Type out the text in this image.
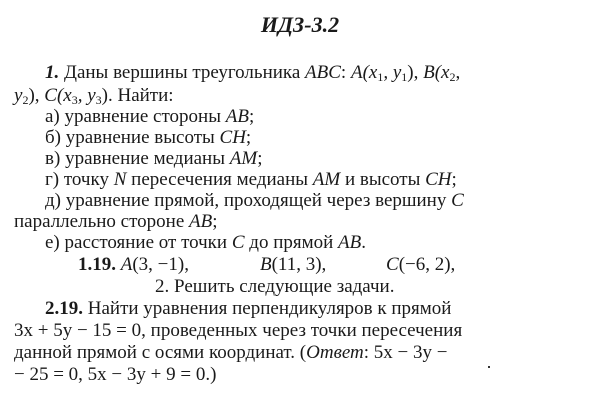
ИДЗ-3.2
1. Даны вершины треугольника ABC: $A(x_1$, $y_1$), $B(x_2$,
$y_2$), $C(x_3$, $y_3$). Найти:
а) уравнение стороны AB;
б) уравнение высоты CH;
в) уравнение медианы AM;
г) точку N пересечения медианы AM и высоты CH;
д) уравнение прямой, проходящей через вершину C
параллельно стороне AB;
е) расстояние от точки C до прямой AB.
1.19. A(3, −1),	B(11, 3),	C(−6, 2),
2. Решить следующие задачи.
2.19. Найти уравнения перпендикуляров к прямой
3x + 5y − 15 = 0, проведенных через точки пересечения
данной прямой с осями координат. (Ответ: 5x − 3y −
− 25 = 0, 5x − 3y + 9 = 0.)
